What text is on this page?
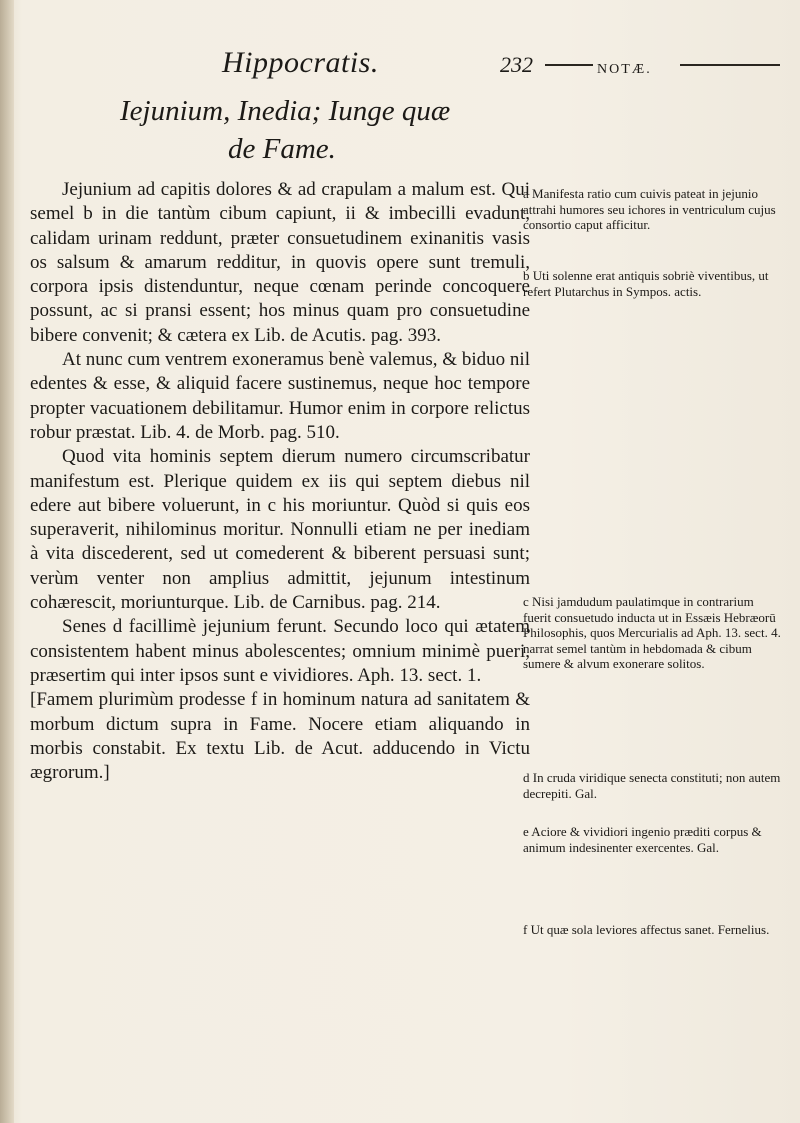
Hippocratis.	232	NOTÆ.
Iejunium, Inedia; Iunge quæ
de Fame.

Jejunium ad capitis dolores & ad crapulam a malum est. Qui semel b in die tantùm cibum capiunt, ii & imbecilli evadunt, calidam urinam reddunt, præter consuetudinem exinanitis vasis os salsum & amarum redditur, in quovis opere sunt tremuli, corpora ipsis distenduntur, neque cœnam perinde concoquere possunt, ac si pransi essent; hos minus quam pro consuetudine bibere convenit; & cætera ex Lib. de Acutis. pag. 393.

At nunc cum ventrem exoneramus benè valemus, & biduo nil edentes & esse, & aliquid facere sustinemus, neque hoc tempore propter vacuationem debilitamur. Humor enim in corpore relictus robur præstat. Lib. 4. de Morb. pag. 510.

Quod vita hominis septem dierum numero circumscribatur manifestum est. Plerique quidem ex iis qui septem diebus nil edere aut bibere voluerunt, in c his moriuntur. Quòd si quis eos superaverit, nihilominus moritur. Nonnulli etiam ne per inediam à vita discederent, sed ut comederent & biberent persuasi sunt; verùm venter non amplius admittit, jejunum intestinum cohærescit, moriunturque. Lib. de Carnibus. pag. 214.

Senes d facillimè jejunium ferunt. Secundo loco qui ætatem consistentem habent minus abolescentes; omnium minimè pueri, præsertim qui inter ipsos sunt e vividiores. Aph. 13. sect. 1.

[Famem plurimùm prodesse f in hominum natura ad sanitatem & morbum dictum supra in Fame. Nocere etiam aliquando in morbis constabit. Ex textu Lib. de Acut. adducendo in Victu ægrorum.]

a Manifesta ratio cum cuivis pateat in jejunio attrahi humores seu ichores in ventriculum cujus consortio caput afficitur.

b Uti solenne erat antiquis sobriè viventibus, ut refert Plutarchus in Sympos. actis.

c Nisi jamdudum paulatimque in contrarium fuerit consuetudo inducta ut in Essæis Hebræorū Philosophis, quos Mercurialis ad Aph. 13. sect. 4. narrat semel tantùm in hebdomada & cibum sumere & alvum exonerare solitos.

d In cruda viridique senecta constituti; non autem decrepiti. Gal.

e Aciore & vividiori ingenio præditi corpus & animum indesinenter exercentes. Gal.

f Ut quæ sola leviores affectus sanet. Fernelius.
